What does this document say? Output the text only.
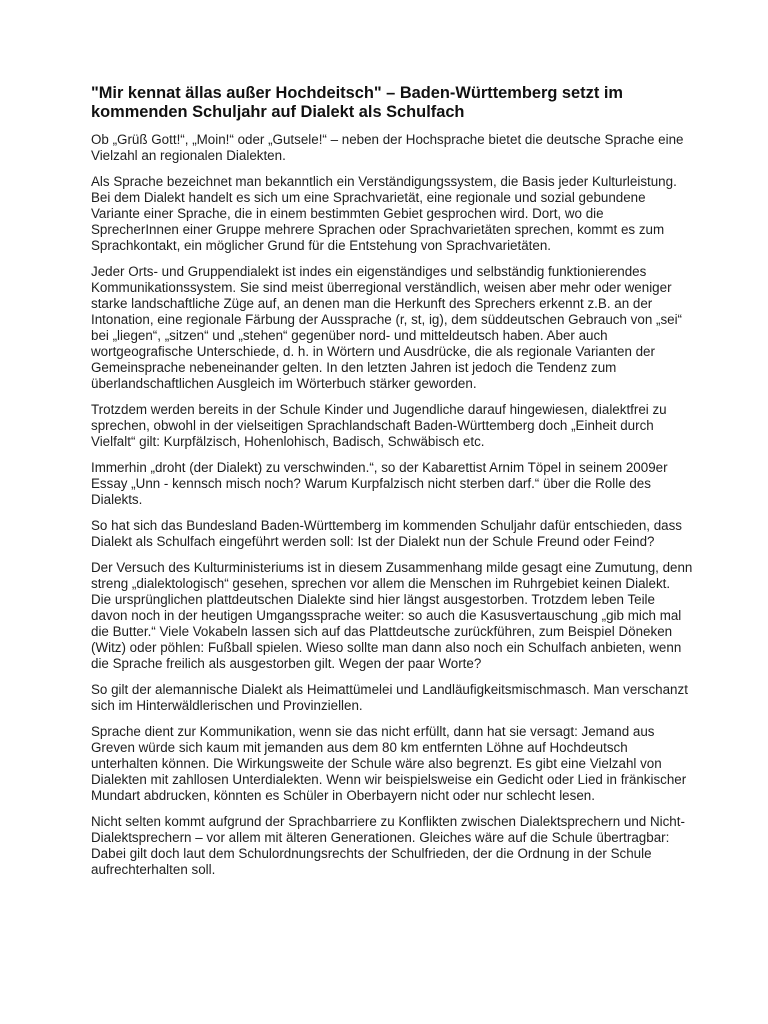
"Mir kennat ällas außer Hochdeitsch" – Baden-Württemberg setzt im kommenden Schuljahr auf Dialekt als Schulfach

Ob „Grüß Gott!“, „Moin!“ oder „Gutsele!“ – neben der Hochsprache bietet die deutsche Sprache eine Vielzahl an regionalen Dialekten.

Als Sprache bezeichnet man bekanntlich ein Verständigungssystem, die Basis jeder Kulturleistung. Bei dem Dialekt handelt es sich um eine Sprachvarietät, eine regionale und sozial gebundene Variante einer Sprache, die in einem bestimmten Gebiet gesprochen wird. Dort, wo die SprecherInnen einer Gruppe mehrere Sprachen oder Sprachvarietäten sprechen, kommt es zum Sprachkontakt, ein möglicher Grund für die Entstehung von Sprachvarietäten.

Jeder Orts- und Gruppendialekt ist indes ein eigenständiges und selbständig funktionierendes Kommunikationssystem. Sie sind meist überregional verständlich, weisen aber mehr oder weniger starke landschaftliche Züge auf, an denen man die Herkunft des Sprechers erkennt z.B. an der Intonation, eine regionale Färbung der Aussprache (r, st, ig), dem süddeutschen Gebrauch von „sei“ bei „liegen“, „sitzen“ und „stehen“ gegenüber nord- und mitteldeutsch haben. Aber auch wortgeografische Unterschiede, d. h. in Wörtern und Ausdrücke, die als regionale Varianten der Gemeinsprache nebeneinander gelten. In den letzten Jahren ist jedoch die Tendenz zum überlandschaftlichen Ausgleich im Wörterbuch stärker geworden.

Trotzdem werden bereits in der Schule Kinder und Jugendliche darauf hingewiesen, dialektfrei zu sprechen, obwohl in der vielseitigen Sprachlandschaft Baden-Württemberg doch „Einheit durch Vielfalt“ gilt: Kurpfälzisch, Hohenlohisch, Badisch, Schwäbisch etc.

Immerhin „droht (der Dialekt) zu verschwinden.“, so der Kabarettist Arnim Töpel in seinem 2009er Essay „Unn - kennsch misch noch? Warum Kurpfalzisch nicht sterben darf.“ über die Rolle des Dialekts.

So hat sich das Bundesland Baden-Württemberg im kommenden Schuljahr dafür entschieden, dass Dialekt als Schulfach eingeführt werden soll: Ist der Dialekt nun der Schule Freund oder Feind?

Der Versuch des Kulturministeriums ist in diesem Zusammenhang milde gesagt eine Zumutung, denn streng „dialektologisch“ gesehen, sprechen vor allem die Menschen im Ruhrgebiet keinen Dialekt. Die ursprünglichen plattdeutschen Dialekte sind hier längst ausgestorben. Trotzdem leben Teile davon noch in der heutigen Umgangssprache weiter: so auch die Kasusvertauschung „gib mich mal die Butter.“ Viele Vokabeln lassen sich auf das Plattdeutsche zurückführen, zum Beispiel Döneken (Witz) oder pöhlen: Fußball spielen. Wieso sollte man dann also noch ein Schulfach anbieten, wenn die Sprache freilich als ausgestorben gilt. Wegen der paar Worte?

So gilt der alemannische Dialekt als Heimattümelei und Landläufigkeitsmischmasch. Man verschanzt sich im Hinterwäldlerischen und Provinziellen.

Sprache dient zur Kommunikation, wenn sie das nicht erfüllt, dann hat sie versagt: Jemand aus Greven würde sich kaum mit jemanden aus dem 80 km entfernten Löhne auf Hochdeutsch unterhalten können. Die Wirkungsweite der Schule wäre also begrenzt. Es gibt eine Vielzahl von Dialekten mit zahllosen Unterdialekten. Wenn wir beispielsweise ein Gedicht oder Lied in fränkischer Mundart abdrucken, könnten es Schüler in Oberbayern nicht oder nur schlecht lesen.

Nicht selten kommt aufgrund der Sprachbarriere zu Konflikten zwischen Dialektsprechern und Nicht-Dialektsprechern – vor allem mit älteren Generationen. Gleiches wäre auf die Schule übertragbar: Dabei gilt doch laut dem Schulordnungsrechts der Schulfrieden, der die Ordnung in der Schule aufrechterhalten soll.
